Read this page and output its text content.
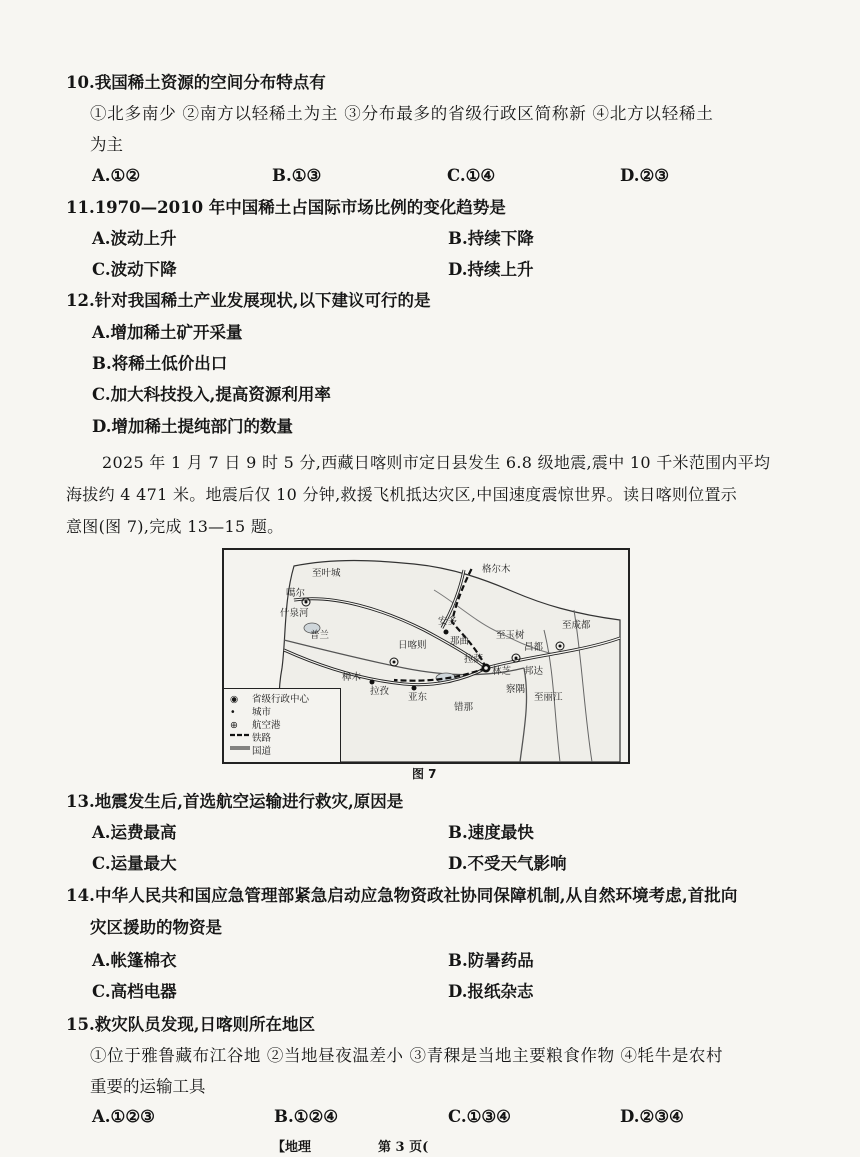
10.我国稀土资源的空间分布特点有
①北多南少 ②南方以轻稀土为主 ③分布最多的省级行政区简称新 ④北方以轻稀土
为主
A.①②	B.①③	C.①④	D.②③
11.1970—2010 年中国稀土占国际市场比例的变化趋势是
A.波动上升	B.持续下降
C.波动下降	D.持续上升
12.针对我国稀土产业发展现状,以下建议可行的是
A.增加稀土矿开采量
B.将稀土低价出口
C.加大科技投入,提高资源利用率
D.增加稀土提纯部门的数量
2025 年 1 月 7 日 9 时 5 分,西藏日喀则市定日县发生 6.8 级地震,震中 10 千米范围内平均
海拔约 4 471 米。地震后仅 10 分钟,救援飞机抵达灾区,中国速度震惊世界。读日喀则位置示
意图(图 7),完成 13—15 题。
至叶城	格尔木
噶尔
什泉河
普兰
日喀则 那曲
安多
至玉树
昌都
至成都
拉萨
林芝 邦达
错那
亚东
拉孜
樟木
至丽江
察隅
◉ 省级行政中心
• 城市
⊕ 航空港
铁路
国道
图 7
13.地震发生后,首选航空运输进行救灾,原因是
A.运费最高	B.速度最快
C.运量最大	D.不受天气影响
14.中华人民共和国应急管理部紧急启动应急物资政社协同保障机制,从自然环境考虑,首批向
灾区援助的物资是
A.帐篷棉衣	B.防暑药品
C.高档电器	D.报纸杂志
15.救灾队员发现,日喀则所在地区
①位于雅鲁藏布江谷地 ②当地昼夜温差小 ③青稞是当地主要粮食作物 ④牦牛是农村
重要的运输工具
A.①②③	B.①②④	C.①③④	D.②③④
【地理	第 3 页(
